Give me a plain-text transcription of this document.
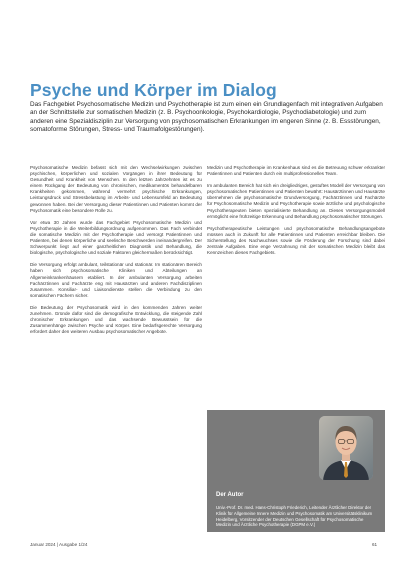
Psyche und Körper im Dialog

Das Fachgebiet Psychosomatische Medizin und Psychotherapie ist zum einen ein Grundlagenfach mit integrativen Aufgaben an der Schnittstelle zur somatischen Medizin (z. B. Psychoonkologie, Psychokardiologie, Psychodiabetologie) und zum anderen eine Spezialdisziplin zur Versorgung von psychosomatischen Erkrankungen im engeren Sinne (z. B. Essstörungen, somatoforme Störungen, Stress- und Traumafolgestörungen).

Psychosomatische Medizin befasst sich mit den Wechselwirkungen zwischen psychischen, körperlichen und sozialen Vorgängen in ihrer Bedeutung für Gesundheit und Krankheit von Menschen. In den letzten Jahrzehnten ist es zu einem Rückgang der Bedeutung von chronischen, medikamentös behandelbaren Krankheiten gekommen, während vermehrt psychische Erkrankungen, Leistungsdruck und Stressbelastung im Arbeits- und Lebensumfeld an Bedeutung gewonnen haben. Bei der Versorgung dieser Patientinnen und Patienten kommt der Psychosomatik eine besondere Rolle zu.

Vor etwa 30 Jahren wurde das Fachgebiet Psychosomatische Medizin und Psychotherapie in die Weiterbildungsordnung aufgenommen. Das Fach verbindet die somatische Medizin mit der Psychotherapie und versorgt Patientinnen und Patienten, bei denen körperliche und seelische Beschwerden ineinandergreifen. Der Schwerpunkt liegt auf einer ganzheitlichen Diagnostik und Behandlung, die biologische, psychologische und soziale Faktoren gleichermaßen berücksichtigt.

Die Versorgung erfolgt ambulant, teilstationär und stationär. Im stationären Bereich haben sich psychosomatische Kliniken und Abteilungen an Allgemeinkrankenhäusern etabliert. In der ambulanten Versorgung arbeiten Fachärztinnen und Fachärzte eng mit Hausärzten und anderen Fachdisziplinen zusammen. Konsiliar- und Liaisondienste stellen die Verbindung zu den somatischen Fächern sicher.

Die Bedeutung der Psychosomatik wird in den kommenden Jahren weiter zunehmen. Gründe dafür sind die demografische Entwicklung, die steigende Zahl chronischer Erkrankungen und das wachsende Bewusstsein für die Zusammenhänge zwischen Psyche und Körper. Eine bedarfsgerechte Versorgung erfordert daher den weiteren Ausbau psychosomatischer Angebote.

Medizin und Psychotherapie im Krankenhaus sind es die Betreuung schwer erkrankter Patientinnen und Patienten durch ein multiprofessionelles Team.

Im ambulanten Bereich hat sich ein dreigliedriges, gestuftes Modell der Versorgung von psychosomatischen Patientinnen und Patienten bewährt: Hausärztinnen und Hausärzte übernehmen die psychosomatische Grundversorgung, Fachärztinnen und Fachärzte für Psychosomatische Medizin und Psychotherapie sowie ärztliche und psychologische Psychotherapeuten bieten spezialisierte Behandlung an. Dieses Versorgungsmodell ermöglicht eine frühzeitige Erkennung und Behandlung psychosomatischer Störungen.

Psychotherapeutische Leistungen und psychosomatische Behandlungsangebote müssen auch in Zukunft für alle Patientinnen und Patienten erreichbar bleiben. Die Sicherstellung des Nachwuchses sowie die Förderung der Forschung sind dabei zentrale Aufgaben. Eine enge Verzahnung mit der somatischen Medizin bleibt das Kennzeichen dieses Fachgebiets.

Der Autor

Univ.-Prof. Dr. med. Hans-Christoph Friederich, Leitender Ärztlicher Direktor der Klinik für Allgemeine Innere Medizin und Psychosomatik am Universitätsklinikum Heidelberg, Vorsitzender der Deutschen Gesellschaft für Psychosomatische Medizin und Ärztliche Psychotherapie (DGPM e.V.)

Januar 2024 | Ausgabe 1/24	61
